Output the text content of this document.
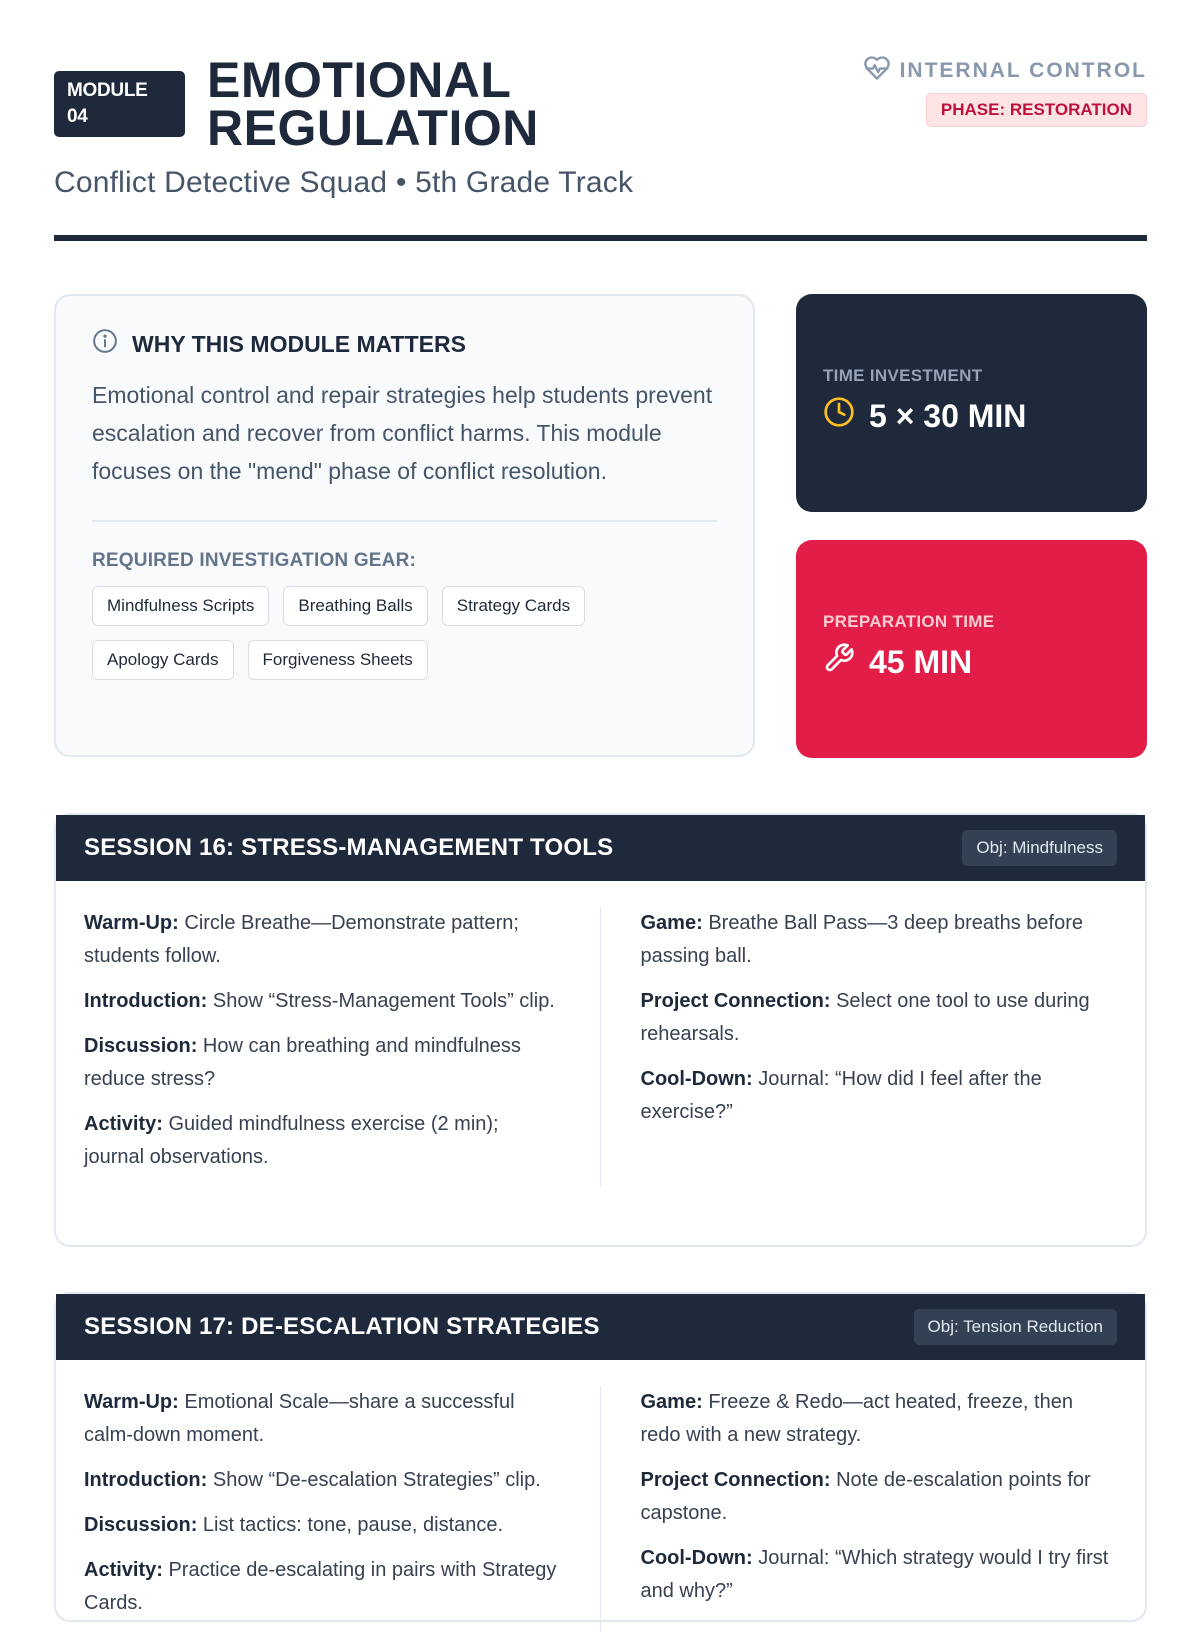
MODULE
04
EMOTIONAL
REGULATION
Conflict Detective Squad • 5th Grade Track
INTERNAL CONTROL
PHASE: RESTORATION
WHY THIS MODULE MATTERS
Emotional control and repair strategies help students prevent escalation and recover from conflict harms. This module focuses on the "mend" phase of conflict resolution.
REQUIRED INVESTIGATION GEAR:
Mindfulness Scripts	Breathing Balls	Strategy Cards
Apology Cards	Forgiveness Sheets
TIME INVESTMENT
5 × 30 MIN
PREPARATION TIME
45 MIN
SESSION 16: STRESS-MANAGEMENT TOOLS	Obj: Mindfulness
Warm-Up: Circle Breathe—Demonstrate pattern; students follow.
Introduction: Show “Stress-Management Tools” clip.
Discussion: How can breathing and mindfulness reduce stress?
Activity: Guided mindfulness exercise (2 min); journal observations.
Game: Breathe Ball Pass—3 deep breaths before passing ball.
Project Connection: Select one tool to use during rehearsals.
Cool-Down: Journal: “How did I feel after the exercise?”
SESSION 17: DE-ESCALATION STRATEGIES	Obj: Tension Reduction
Warm-Up: Emotional Scale—share a successful calm-down moment.
Introduction: Show “De-escalation Strategies” clip.
Discussion: List tactics: tone, pause, distance.
Activity: Practice de-escalating in pairs with Strategy Cards.
Game: Freeze & Redo—act heated, freeze, then redo with a new strategy.
Project Connection: Note de-escalation points for capstone.
Cool-Down: Journal: “Which strategy would I try first and why?”
